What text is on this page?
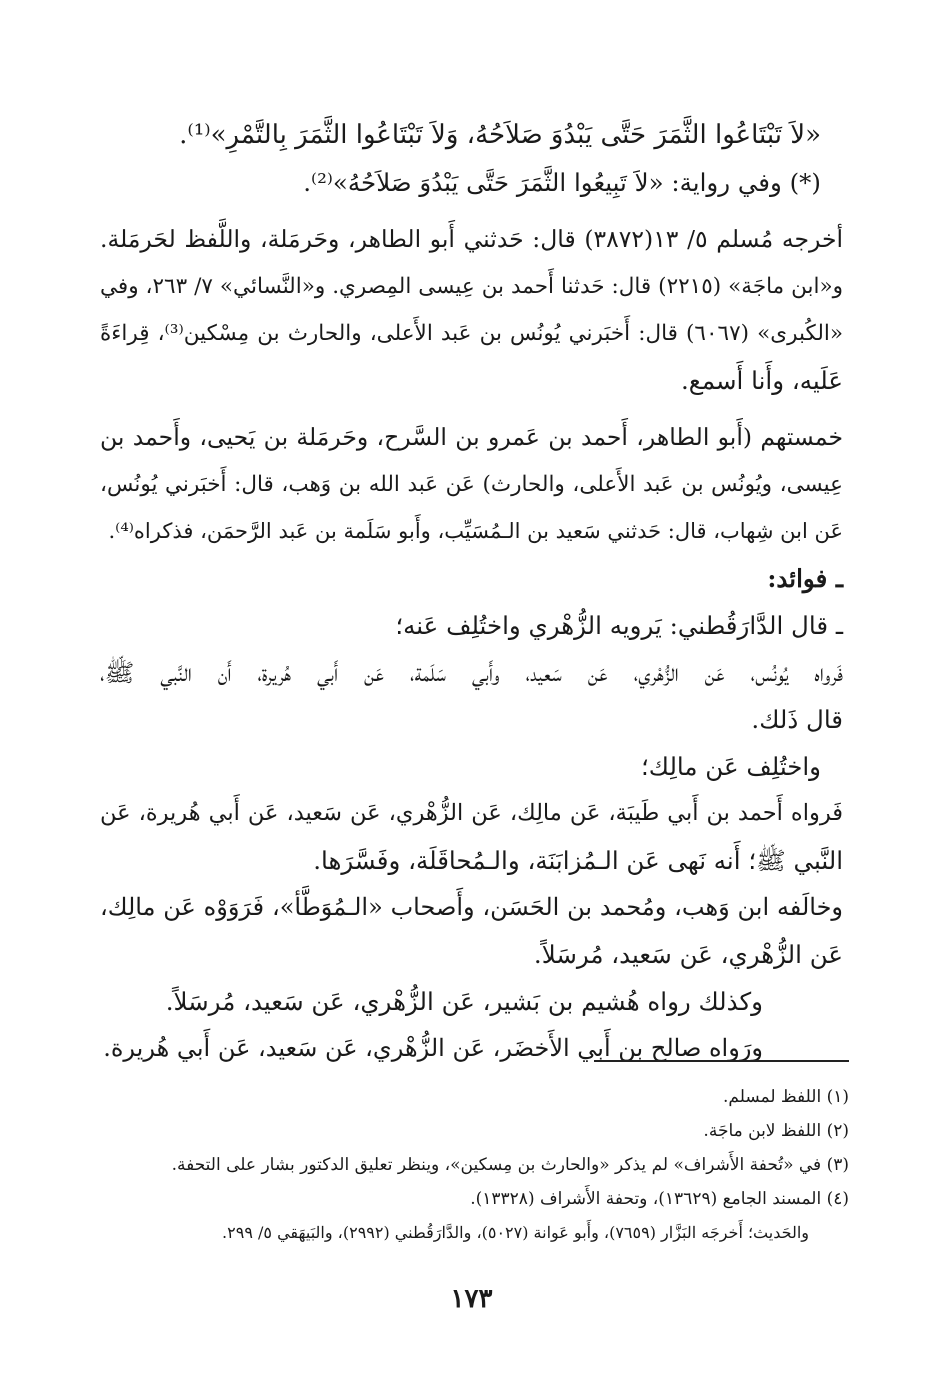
«لاَ تَبْتَاعُوا الثَّمَرَ حَتَّى يَبْدُوَ صَلاَحُهُ، وَلاَ تَبْتَاعُوا الثَّمَرَ بِالتَّمْرِ»⁽¹⁾.
(*) وفي رواية: «لاَ تَبِيعُوا الثَّمَرَ حَتَّى يَبْدُوَ صَلاَحُهُ»⁽²⁾.
أخرجه مُسلم ٥/ ١٣(٣٨٧٢) قال: حَدثني أَبو الطاهر، وحَرمَلة، واللَّفظ لحَرمَلة.
و«ابن ماجَة» (٢٢١٥) قال: حَدثنا أَحمد بن عِيسى المِصري. و«النَّسائي» ٧/ ٢٦٣، وفي
«الكُبرى» (٦٠٦٧) قال: أَخبَرني يُونُس بن عَبد الأَعلى، والحارث بن مِسْكين⁽³⁾، قِراءَةً
عَلَيه، وأَنا أَسمع.
خمستهم (أَبو الطاهر، أَحمد بن عَمرو بن السَّرح، وحَرمَلة بن يَحيى، وأَحمد بن
عِيسى، ويُونُس بن عَبد الأَعلى، والحارث) عَن عَبد الله بن وَهب، قال: أَخبَرني يُونُس،
عَن ابن شِهاب، قال: حَدثني سَعيد بن الـمُسَيِّب، وأَبو سَلَمة بن عَبد الرَّحمَن، فذكراه⁽⁴⁾.
ـ فوائد:
ـ قال الدَّارَقُطني: يَرويه الزُّهْري واختُلِف عَنه؛
فَرواه يُونُس، عَن الزُّهْري، عَن سَعيد، وأَبي سَلَمة، عَن أَبي هُريرة، أَن النَّبي ﷺ،
قال ذَلك.
واختُلِف عَن مالِك؛
فَرواه أَحمد بن أَبي طَيبَة، عَن مالِك، عَن الزُّهْري، عَن سَعيد، عَن أَبي هُريرة، عَن
النَّبي ﷺ؛ أَنه نَهى عَن الـمُزابَنَة، والـمُحاقَلَة، وفَسَّرَها.
وخالَفه ابن وَهب، ومُحمد بن الحَسَن، وأَصحاب «الـمُوَطَّأ»، فَرَوَوْه عَن مالِك،
عَن الزُّهْري، عَن سَعيد، مُرسَلاً.
وكذلك رواه هُشيم بن بَشير، عَن الزُّهْري، عَن سَعيد، مُرسَلاً.
ورَواه صالح بن أَبي الأَخضَر، عَن الزُّهْري، عَن سَعيد، عَن أَبي هُريرة.
(١) اللفظ لمسلم.
(٢) اللفظ لابن ماجَة.
(٣) في «تُحفة الأَشراف» لم يذكر «والحارث بن مِسكين»، وينظر تعليق الدكتور بشار على التحفة.
(٤) المسند الجامع (١٣٦٢٩)، وتحفة الأَشراف (١٣٣٢٨).
والحَديث؛ أَخرجَه البَزَّار (٧٦٥٩)، وأَبو عَوانة (٥٠٢٧)، والدَّارَقُطني (٢٩٩٢)، والبَيهَقي ٥/ ٢٩٩.
١٧٣
